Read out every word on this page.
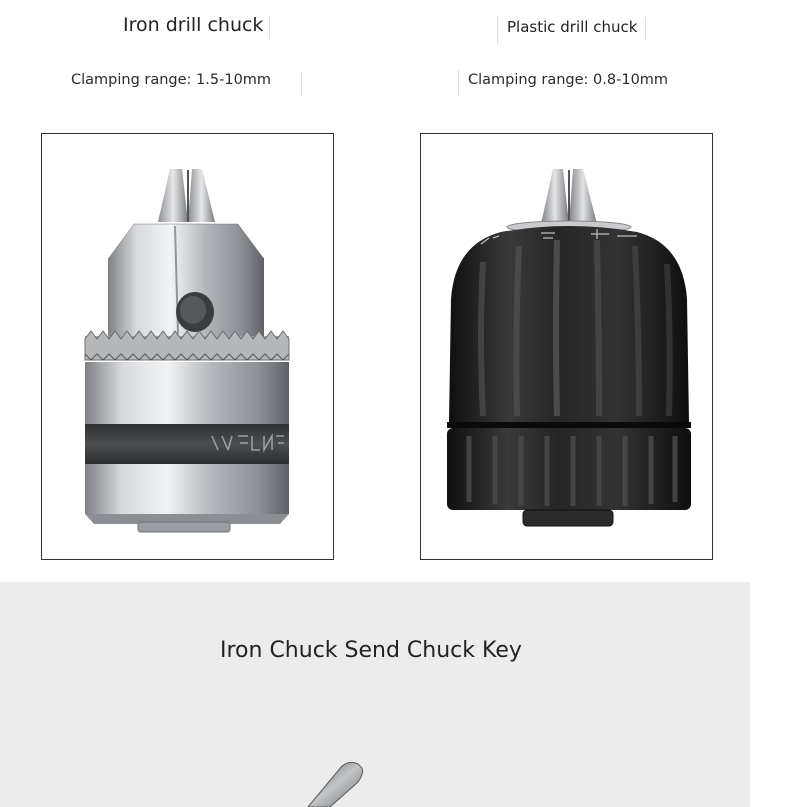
Iron drill chuck	Plastic drill chuck
Clamping range: 1.5-10mm	Clamping range: 0.8-10mm
Iron Chuck Send Chuck Key
